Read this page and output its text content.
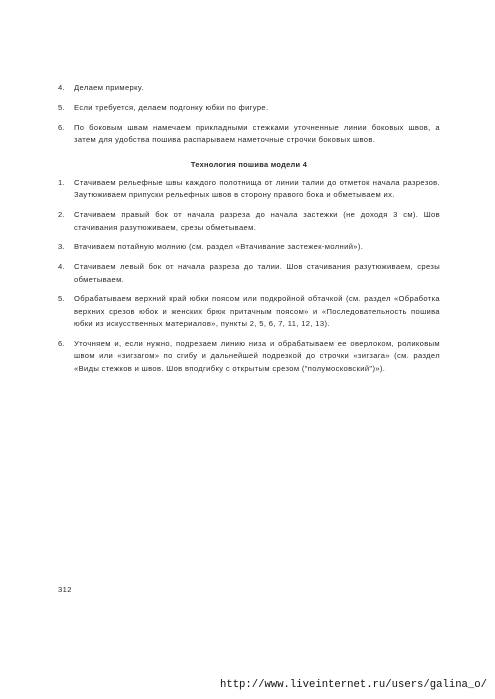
4. Делаем примерку.
5. Если требуется, делаем подгонку юбки по фигуре.
6. По боковым швам намечаем прикладными стежками уточненные линии боковых швов, а затем для удобства пошива распарываем наметочные строчки боковых швов.
Технология пошива модели 4
1. Стачиваем рельефные швы каждого полотнища от линии талии до отметок начала разрезов. Заутюживаем припуски рельефных швов в сторону правого бока и обметываем их.
2. Стачиваем правый бок от начала разреза до начала застежки (не доходя 3 см). Шов стачивания разутюживаем, срезы обметываем.
3. Втачиваем потайную молнию (см. раздел «Втачивание застежек-молний»).
4. Стачиваем левый бок от начала разреза до талии. Шов стачивания разутюживаем, срезы обметываем.
5. Обрабатываем верхний край юбки поясом или подкройной обтачкой (см. раздел «Обработка верхних срезов юбок и женских брюк притачным поясом» и «Последовательность пошива юбки из искусственных материалов», пункты 2, 5, 6, 7, 11, 12, 13).
6. Уточняем и, если нужно, подрезаем линию низа и обрабатываем ее оверлоком, роликовым швом или «зигзагом» по сгибу и дальнейшей подрезкой до строчки «зигзага» (см. раздел «Виды стежков и швов. Шов вподгибку с открытым срезом ("полумосковский")»).
312
http://www.liveinternet.ru/users/galina_o/
